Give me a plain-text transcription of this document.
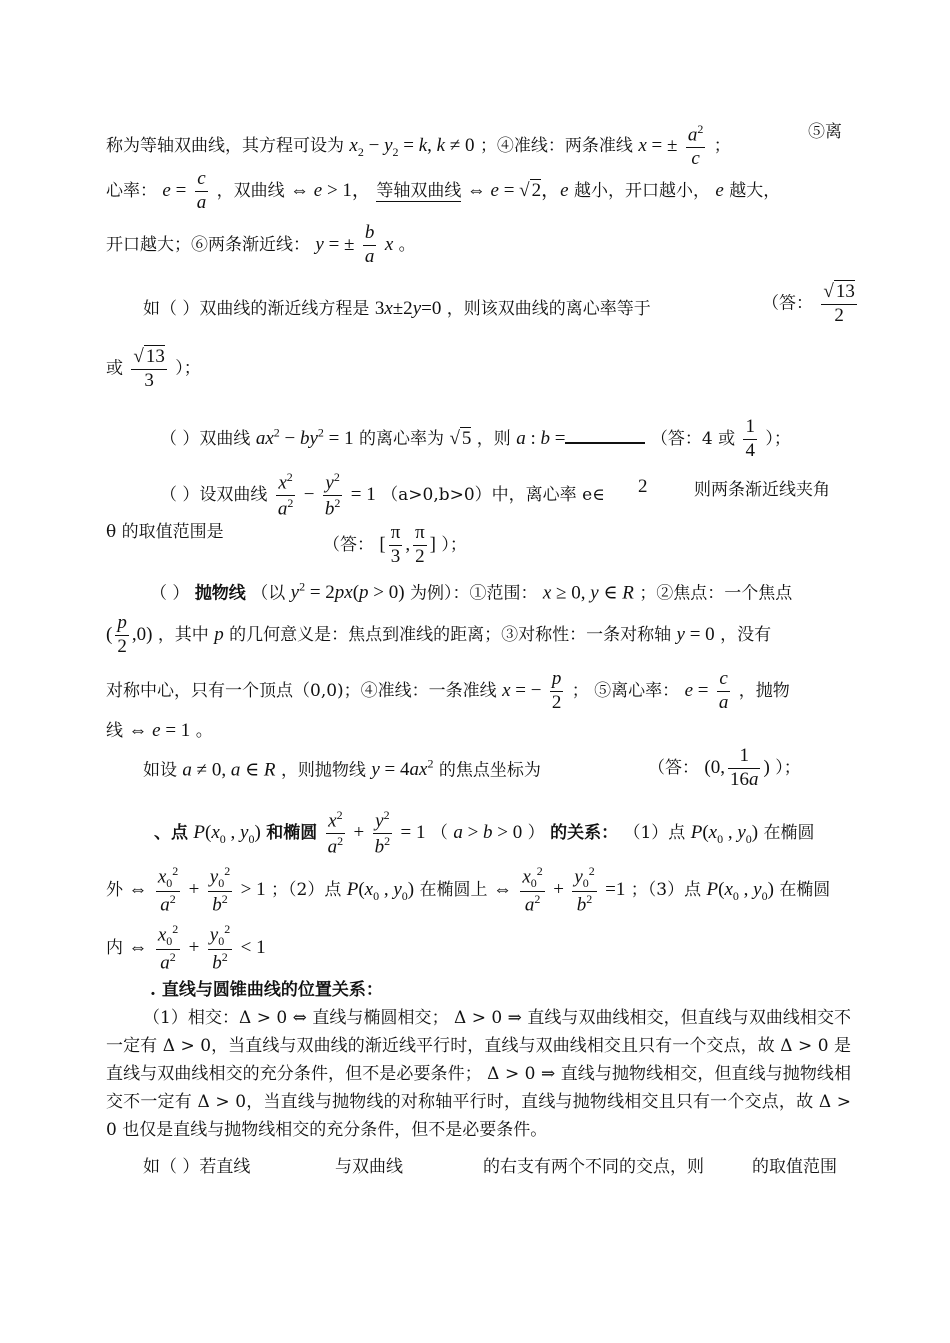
称为等轴双曲线，其方程可设为 $x_2 - y_2 = k$, k ≠ 0 ；④准线：两条准线 x = ± $\frac{a^2}{c}$ ；
⑤离
心率： $e = \frac{c}{a}$ ，双曲线 ⇔ e > 1， 等轴双曲线 ⇔ e = √ 2，e 越小，开口越小， e 越大，
开口越大；⑥两条渐近线： y = ± $\frac{b}{a}$ x 。
如（ ）双曲线的渐近线方程是 3x±2y=0 ，则该双曲线的离心率等于	（答： $\frac{√ 13}{2}$
或 $\frac{√ 13}{3}$ ）；
（ ）双曲线 $ax^2 - by^2 = 1$ 的离心率为 √ 5 ，则 a : b =	（答：4 或 $\frac{1}{4}$ ）；
（ ）设双曲线 $\frac{x^2}{a^2} - \frac{y^2}{b^2} = 1$ （a>0,b>0）中，离心率 e∈ 2	则两条渐近线夹角
θ 的取值范围是
（答： [ $\frac{\pi}{3}$ , $\frac{\pi}{2}$ ] ）；
（ ） 抛物线 （以 $y^2 = 2px(p > 0)$ 为例）：①范围： x ≥ 0, y ∈ R ；②焦点：一个焦点
( $\frac{p}{2} ,0$) ，其中 p 的几何意义是：焦点到准线的距离；③对称性：一条对称轴 y = 0 ，没有
对称中心，只有一个顶点（0,0)；④准线：一条准线 x = − $\frac{p}{2}$ ； ⑤离心率： $e = \frac{c}{a}$ ，抛物
线 ⇔ e = 1 。
如设 a ≠ 0, a ∈ R ，则抛物线 $y = 4ax^2$ 的焦点坐标为	（答： (0, $\frac{1}{16a}$ ) ）；
、点 $P(x_0$ , $y_0$) 和椭圆 $\frac{x^2}{a^2} + \frac{y^2}{b^2} = 1$ （ a > b > 0 ） 的关系： （1）点 $P(x_0$ , $y_0$) 在椭圆
外 ⇔ $\frac{x_0^2}{a^2} + \frac{y_0^2}{b^2} > 1$ ；（2）点 $P(x_0$ , $y_0$) 在椭圆上 ⇔ $\frac{x_0^2}{a^2} + \frac{y_0^2}{b^2} =1$ ；（3）点 $P(x_0$ , $y_0$) 在椭圆
内 ⇔ $\frac{x_0^2}{a^2} + \frac{y_0^2}{b^2} < 1$
. 直线与圆锥曲线的位置关系：
（1）相交：Δ > 0 ⇔ 直线与椭圆相交； Δ > 0 ⇒ 直线与双曲线相交，但直线与双曲线相交不一定有 Δ > 0，当直线与双曲线的渐近线平行时，直线与双曲线相交且只有一个交点，故 Δ > 0 是直线与双曲线相交的充分条件，但不是必要条件； Δ > 0 ⇒ 直线与抛物线相交，但直线与抛物线相交不一定有 Δ > 0，当直线与抛物线的对称轴平行时，直线与抛物线相交且只有一个交点，故 Δ > 0 也仅是直线与抛物线相交的充分条件，但不是必要条件。
如（ ）若直线	与双曲线	的右支有两个不同的交点，则	的取值范围
